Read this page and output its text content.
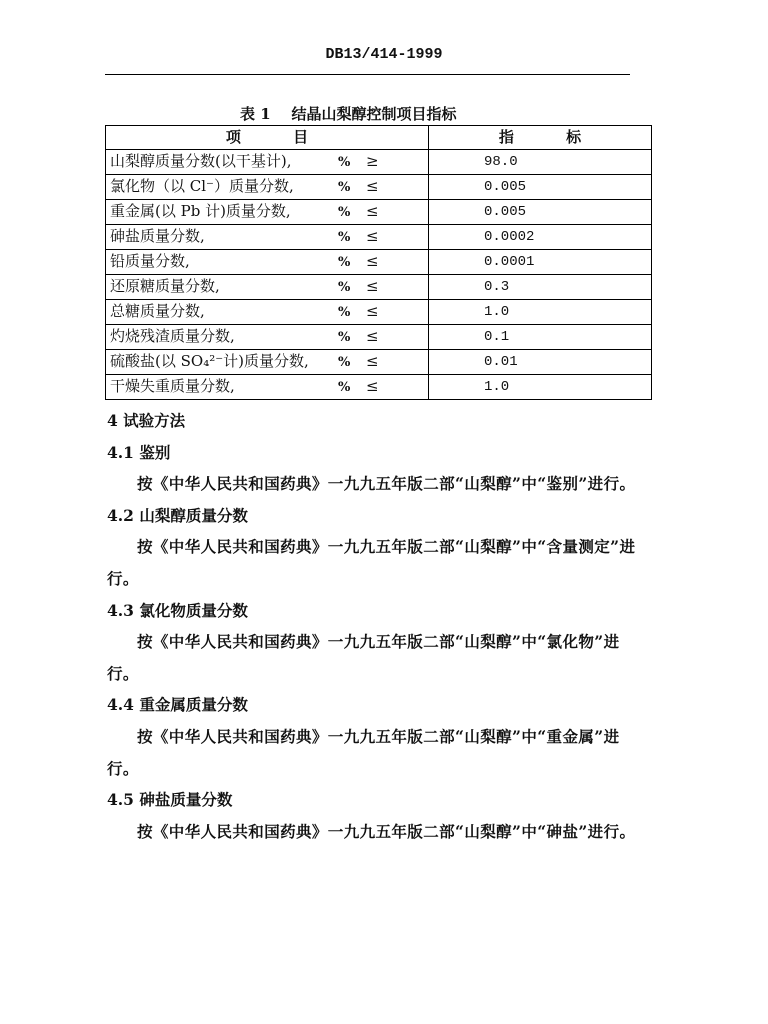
DB13/414-1999
表 1    结晶山梨醇控制项目指标
项          目	指          标
山梨醇质量分数(以干基计), % ≥	98.0
氯化物（以 Cl⁻）质量分数, % ≤	0.005
重金属(以 Pb 计)质量分数, % ≤	0.005
砷盐质量分数, % ≤	0.0002
铅质量分数, % ≤	0.0001
还原糖质量分数, % ≤	0.3
总糖质量分数, % ≤	1.0
灼烧残渣质量分数, % ≤	0.1
硫酸盐(以 SO₄²⁻计)质量分数, % ≤	0.01
干燥失重质量分数, % ≤	1.0

4 试验方法

4.1 鉴别

按《中华人民共和国药典》一九九五年版二部“山梨醇”中“鉴别”进行。

4.2 山梨醇质量分数

按《中华人民共和国药典》一九九五年版二部“山梨醇”中“含量测定”进行。

4.3 氯化物质量分数

按《中华人民共和国药典》一九九五年版二部“山梨醇”中“氯化物”进行。

4.4 重金属质量分数

按《中华人民共和国药典》一九九五年版二部“山梨醇”中“重金属”进行。

4.5 砷盐质量分数

按《中华人民共和国药典》一九九五年版二部“山梨醇”中“砷盐”进行。
